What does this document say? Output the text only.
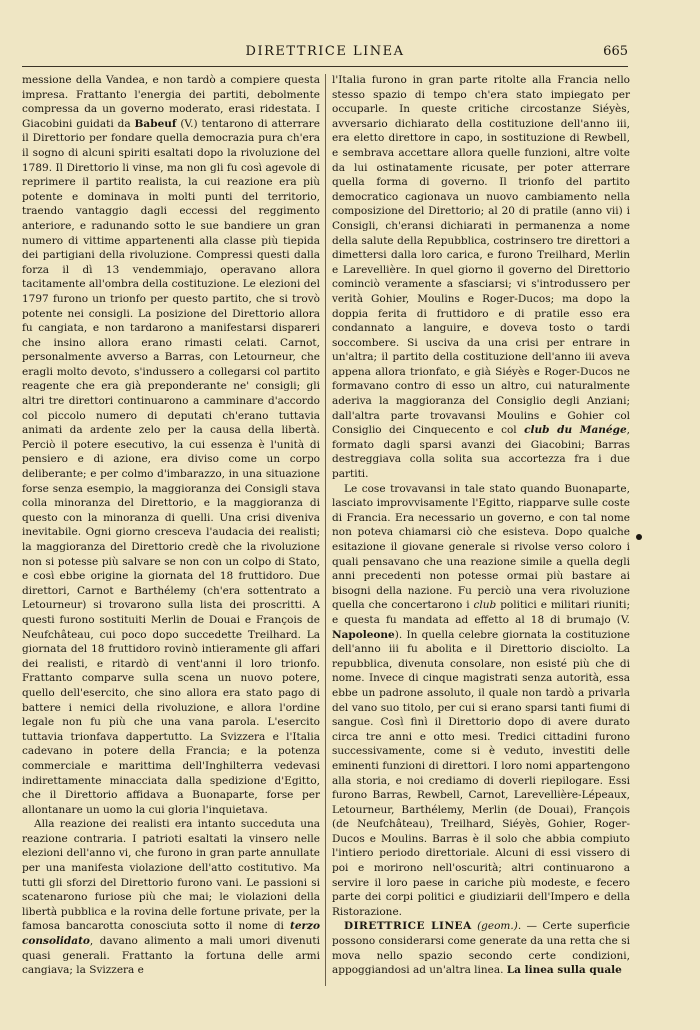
DIRETTRICE LINEA	665

messione della Vandea, e non tardò a compiere questa impresa. Frattanto l'energia dei partiti, debolmente compressa da un governo moderato, erasi ridestata. I Giacobini guidati da Babeuf (V.) tentarono di atterrare il Direttorio per fondare quella democrazia pura ch'era il sogno di alcuni spiriti esaltati dopo la rivoluzione del 1789. Il Direttorio li vinse, ma non gli fu così agevole di reprimere il partito realista, la cui reazione era più potente e dominava in molti punti del territorio, traendo vantaggio dagli eccessi del reggimento anteriore, e radunando sotto le sue bandiere un gran numero di vittime appartenenti alla classe più tiepida dei partigiani della rivoluzione. Compressi questi dalla forza il dì 13 vendemmiajo, operavano allora tacitamente all'ombra della costituzione. Le elezioni del 1797 furono un trionfo per questo partito, che si trovò potente nei consigli. La posizione del Direttorio allora fu cangiata, e non tardarono a manifestarsi dispareri che insino allora erano rimasti celati. Carnot, personalmente avverso a Barras, con Letourneur, che eragli molto devoto, s'indussero a collegarsi col partito reagente che era già preponderante ne' consigli; gli altri tre direttori continuarono a camminare d'accordo col piccolo numero di deputati ch'erano tuttavia animati da ardente zelo per la causa della libertà. Perciò il potere esecutivo, la cui essenza è l'unità di pensiero e di azione, era diviso come un corpo deliberante; e per colmo d'imbarazzo, in una situazione forse senza esempio, la maggioranza dei Consigli stava colla minoranza del Direttorio, e la maggioranza di questo con la minoranza di quelli. Una crisi diveniva inevitabile. Ogni giorno cresceva l'audacia dei realisti; la maggioranza del Direttorio credè che la rivoluzione non si potesse più salvare se non con un colpo di Stato, e così ebbe origine la giornata del 18 fruttidoro. Due direttori, Carnot e Barthélemy (ch'era sottentrato a Letourneur) si trovarono sulla lista dei proscritti. A questi furono sostituiti Merlin de Douai e François de Neufchâteau, cui poco dopo succedette Treilhard. La giornata del 18 fruttidoro rovinò intieramente gli affari dei realisti, e ritardò di vent'anni il loro trionfo. Frattanto comparve sulla scena un nuovo potere, quello dell'esercito, che sino allora era stato pago di battere i nemici della rivoluzione, e allora l'ordine legale non fu più che una vana parola. L'esercito tuttavia trionfava dappertutto. La Svizzera e l'Italia cadevano in potere della Francia; e la potenza commerciale e marittima dell'Inghilterra vedevasi indirettamente minacciata dalla spedizione d'Egitto, che il Direttorio affidava a Buonaparte, forse per allontanare un uomo la cui gloria l'inquietava.

Alla reazione dei realisti era intanto succeduta una reazione contraria. I patrioti esaltati la vinsero nelle elezioni dell'anno vi, che furono in gran parte annullate per una manifesta violazione dell'atto costitutivo. Ma tutti gli sforzi del Direttorio furono vani. Le passioni si scatenarono furiose più che mai; le violazioni della libertà pubblica e la rovina delle fortune private, per la famosa bancarotta conosciuta sotto il nome di terzo consolidato, davano alimento a mali umori divenuti quasi generali. Frattanto la fortuna delle armi cangiava; la Svizzera e

l'Italia furono in gran parte ritolte alla Francia nello stesso spazio di tempo ch'era stato impiegato per occuparle. In queste critiche circostanze Siéyès, avversario dichiarato della costituzione dell'anno iii, era eletto direttore in capo, in sostituzione di Rewbell, e sembrava accettare allora quelle funzioni, altre volte da lui ostinatamente ricusate, per poter atterrare quella forma di governo. Il trionfo del partito democratico cagionava un nuovo cambiamento nella composizione del Direttorio; al 20 di pratile (anno vii) i Consigli, ch'eransi dichiarati in permanenza a nome della salute della Repubblica, costrinsero tre direttori a dimettersi dalla loro carica, e furono Treilhard, Merlin e Larevellière. In quel giorno il governo del Direttorio cominciò veramente a sfasciarsi; vi s'introdussero per verità Gohier, Moulins e Roger-Ducos; ma dopo la doppia ferita di fruttidoro e di pratile esso era condannato a languire, e doveva tosto o tardi soccombere. Si usciva da una crisi per entrare in un'altra; il partito della costituzione dell'anno iii aveva appena allora trionfato, e già Siéyès e Roger-Ducos ne formavano contro di esso un altro, cui naturalmente aderiva la maggioranza del Consiglio degli Anziani; dall'altra parte trovavansi Moulins e Gohier col Consiglio dei Cinquecento e col club du Manége, formato dagli sparsi avanzi dei Giacobini; Barras destreggiava colla solita sua accortezza fra i due partiti.

Le cose trovavansi in tale stato quando Buonaparte, lasciato improvvisamente l'Egitto, riapparve sulle coste di Francia. Era necessario un governo, e con tal nome non poteva chiamarsi ciò che esisteva. Dopo qualche esitazione il giovane generale si rivolse verso coloro i quali pensavano che una reazione simile a quella degli anni precedenti non potesse ormai più bastare ai bisogni della nazione. Fu perciò una vera rivoluzione quella che concertarono i club politici e militari riuniti; e questa fu mandata ad effetto al 18 di brumajo (V. Napoleone). In quella celebre giornata la costituzione dell'anno iii fu abolita e il Direttorio disciolto. La repubblica, divenuta consolare, non esisté più che di nome. Invece di cinque magistrati senza autorità, essa ebbe un padrone assoluto, il quale non tardò a privarla del vano suo titolo, per cui si erano sparsi tanti fiumi di sangue. Così finì il Direttorio dopo di avere durato circa tre anni e otto mesi. Tredici cittadini furono successivamente, come si è veduto, investiti delle eminenti funzioni di direttori. I loro nomi appartengono alla storia, e noi crediamo di doverli riepilogare. Essi furono Barras, Rewbell, Carnot, Larevellière-Lépeaux, Letourneur, Barthélemy, Merlin (de Douai), François (de Neufchâteau), Treilhard, Siéyès, Gohier, Roger-Ducos e Moulins. Barras è il solo che abbia compiuto l'intiero periodo direttoriale. Alcuni di essi vissero di poi e morirono nell'oscurità; altri continuarono a servire il loro paese in cariche più modeste, e fecero parte dei corpi politici e giudiziarii dell'Impero e della Ristorazione.

DIRETTRICE LINEA (geom.). — Certe superficie possono considerarsi come generate da una retta che si mova nello spazio secondo certe condizioni, appoggiandosi ad un'altra linea. La linea sulla quale
